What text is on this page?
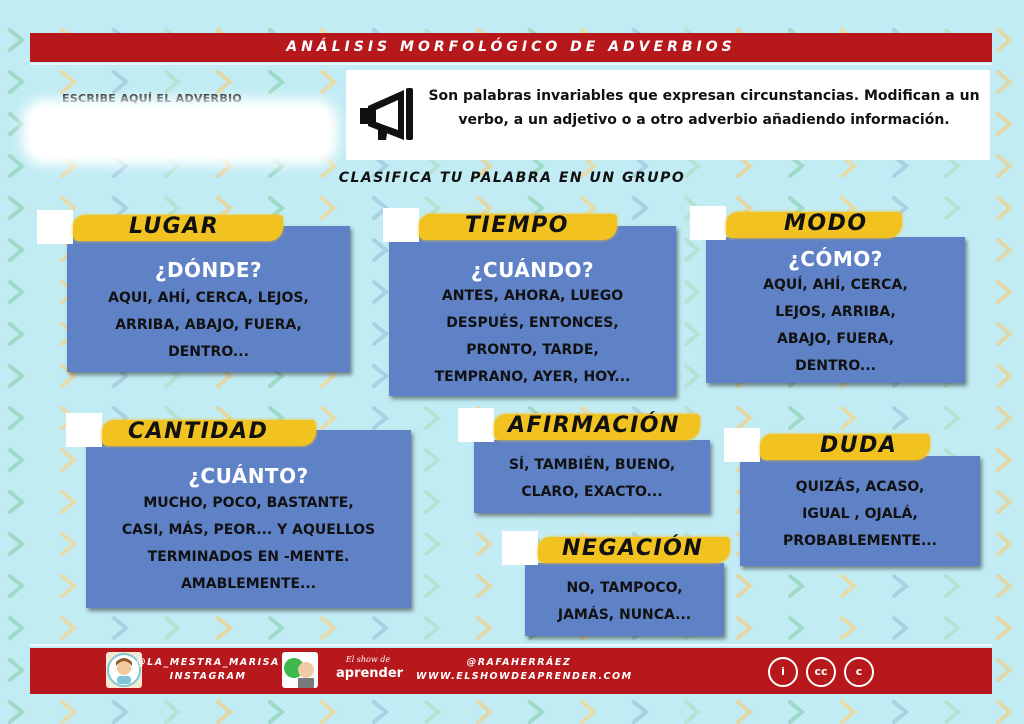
ANÁLISIS MORFOLÓGICO DE ADVERBIOS
ESCRIBE AQUÍ EL ADVERBIO	Son palabras invariables que expresan circunstancias. Modifican a un verbo, a un adjetivo o a otro adverbio añadiendo información.
CLASIFICA TU PALABRA EN UN GRUPO
¿DÓNDE?
AQUI, AHÍ, CERCA, LEJOS,
ARRIBA, ABAJO, FUERA,
DENTRO...
LUGAR
¿CUÁNDO?
ANTES, AHORA, LUEGO
DESPUÉS, ENTONCES,
PRONTO, TARDE,
TEMPRANO, AYER, HOY...
TIEMPO
¿CÓMO?
AQUÍ, AHÍ, CERCA,
LEJOS, ARRIBA,
ABAJO, FUERA,
DENTRO...
MODO
¿CUÁNTO?
MUCHO, POCO, BASTANTE,
CASI, MÁS, PEOR... Y AQUELLOS
TERMINADOS EN -MENTE.
AMABLEMENTE...
CANTIDAD
SÍ, TAMBIÉN, BUENO,
CLARO, EXACTO...
AFIRMACIÓN
NO, TAMPOCO,
JAMÁS, NUNCA...
NEGACIÓN
QUIZÁS, ACASO,
IGUAL , OJALÁ,
PROBABLEMENTE...
DUDA
@LA_MESTRA_MARISA
INSTAGRAM
El show de
aprender
@RAFAHERRÁEZ
WWW.ELSHOWDEAPRENDER.COM	i	cc	c
